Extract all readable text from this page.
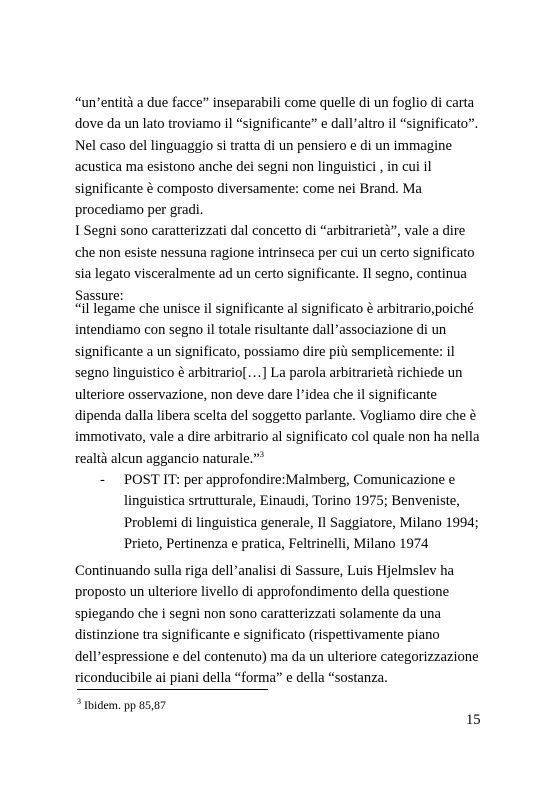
“un’entità a due facce” inseparabili come quelle di un foglio di carta
dove da un lato troviamo il “significante” e dall’altro il “significato”.
Nel caso del linguaggio si tratta di un pensiero e di un immagine
acustica ma esistono anche dei segni non linguistici , in cui il
significante è composto diversamente: come nei Brand. Ma
procediamo per gradi.
I Segni sono caratterizzati dal concetto di “arbitrarietà”, vale a dire
che non esiste nessuna ragione intrinseca per cui un certo significato
sia legato visceralmente ad un certo significante. Il segno, continua
Sassure:
“il legame che unisce il significante al significato è arbitrario,poiché
intendiamo con segno il totale risultante dall’associazione di un
significante a un significato, possiamo dire più semplicemente: il
segno linguistico è arbitrario[…] La parola arbitrarietà richiede un
ulteriore osservazione, non deve dare l’idea che il significante
dipenda dalla libera scelta del soggetto parlante. Vogliamo dire che è
immotivato, vale a dire arbitrario al significato col quale non ha nella
realtà alcun aggancio naturale.”$^3$
- POST IT: per approfondire:Malmberg, Comunicazione e
linguistica srtrutturale, Einaudi, Torino 1975; Benveniste,
Problemi di linguistica generale, Il Saggiatore, Milano 1994;
Prieto, Pertinenza e pratica, Feltrinelli, Milano 1974
Continuando sulla riga dell’analisi di Sassure, Luis Hjelmslev ha
proposto un ulteriore livello di approfondimento della questione
spiegando che i segni non sono caratterizzati solamente da una
distinzione tra significante e significato (rispettivamente piano
dell’espressione e del contenuto) ma da un ulteriore categorizzazione
riconducibile ai piani della “forma” e della “sostanza.
$^3$ Ibidem. pp 85,87
15
